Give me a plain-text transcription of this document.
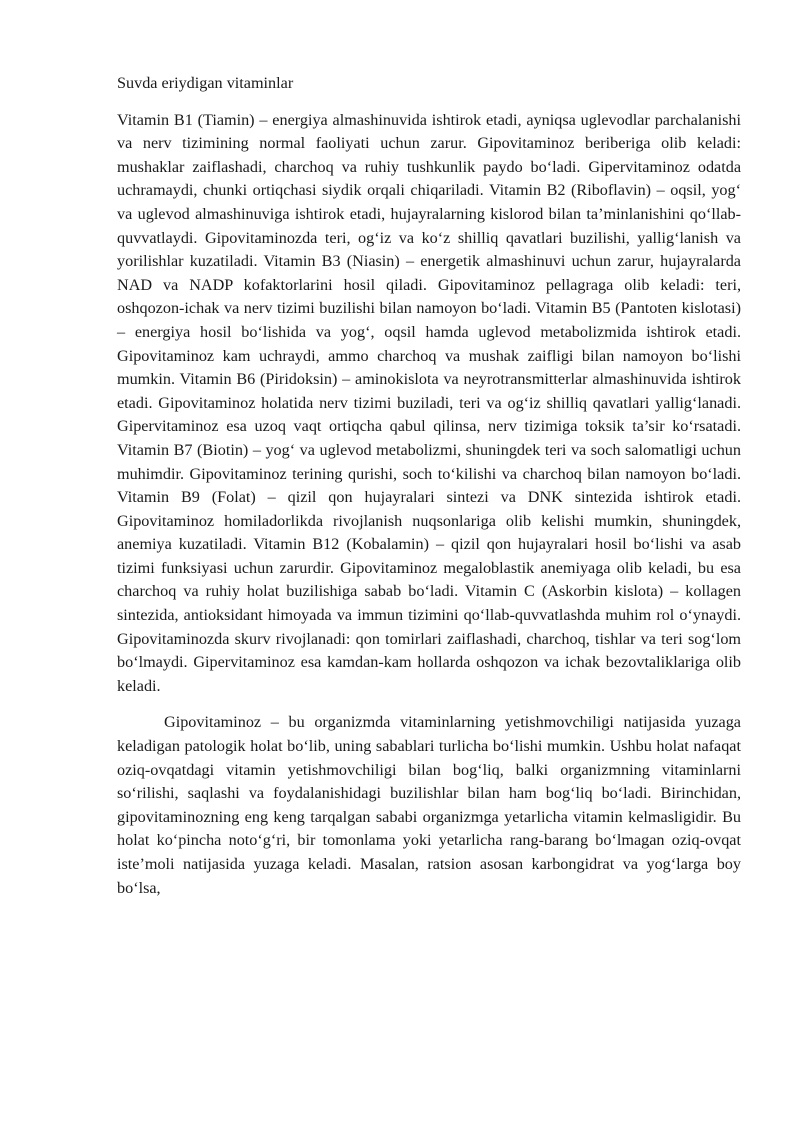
Suvda eriydigan vitaminlar

Vitamin B1 (Tiamin) – energiya almashinuvida ishtirok etadi, ayniqsa uglevodlar parchalanishi va nerv tizimining normal faoliyati uchun zarur. Gipovitaminoz beriberiga olib keladi: mushaklar zaiflashadi, charchoq va ruhiy tushkunlik paydo bo‘ladi. Gipervitaminoz odatda uchramaydi, chunki ortiqchasi siydik orqali chiqariladi. Vitamin B2 (Riboflavin) – oqsil, yog‘ va uglevod almashinuviga ishtirok etadi, hujayralarning kislorod bilan ta’minlanishini qo‘llab-quvvatlaydi. Gipovitaminozda teri, og‘iz va ko‘z shilliq qavatlari buzilishi, yallig‘lanish va yorilishlar kuzatiladi. Vitamin B3 (Niasin) – energetik almashinuvi uchun zarur, hujayralarda NAD va NADP kofaktorlarini hosil qiladi. Gipovitaminoz pellagraga olib keladi: teri, oshqozon-ichak va nerv tizimi buzilishi bilan namoyon bo‘ladi. Vitamin B5 (Pantoten kislotasi) – energiya hosil bo‘lishida va yog‘, oqsil hamda uglevod metabolizmida ishtirok etadi. Gipovitaminoz kam uchraydi, ammo charchoq va mushak zaifligi bilan namoyon bo‘lishi mumkin. Vitamin B6 (Piridoksin) – aminokislota va neyrotransmitterlar almashinuvida ishtirok etadi. Gipovitaminoz holatida nerv tizimi buziladi, teri va og‘iz shilliq qavatlari yallig‘lanadi. Gipervitaminoz esa uzoq vaqt ortiqcha qabul qilinsa, nerv tizimiga toksik ta’sir ko‘rsatadi. Vitamin B7 (Biotin) – yog‘ va uglevod metabolizmi, shuningdek teri va soch salomatligi uchun muhimdir. Gipovitaminoz terining qurishi, soch to‘kilishi va charchoq bilan namoyon bo‘ladi. Vitamin B9 (Folat) – qizil qon hujayralari sintezi va DNK sintezida ishtirok etadi. Gipovitaminoz homiladorlikda rivojlanish nuqsonlariga olib kelishi mumkin, shuningdek, anemiya kuzatiladi. Vitamin B12 (Kobalamin) – qizil qon hujayralari hosil bo‘lishi va asab tizimi funksiyasi uchun zarurdir. Gipovitaminoz megaloblastik anemiyaga olib keladi, bu esa charchoq va ruhiy holat buzilishiga sabab bo‘ladi. Vitamin C (Askorbin kislota) – kollagen sintezida, antioksidant himoyada va immun tizimini qo‘llab-quvvatlashda muhim rol o‘ynaydi. Gipovitaminozda skurv rivojlanadi: qon tomirlari zaiflashadi, charchoq, tishlar va teri sog‘lom bo‘lmaydi. Gipervitaminoz esa kamdan-kam hollarda oshqozon va ichak bezovtaliklariga olib keladi.

Gipovitaminoz – bu organizmda vitaminlarning yetishmovchiligi natijasida yuzaga keladigan patologik holat bo‘lib, uning sabablari turlicha bo‘lishi mumkin. Ushbu holat nafaqat oziq-ovqatdagi vitamin yetishmovchiligi bilan bog‘liq, balki organizmning vitaminlarni so‘rilishi, saqlashi va foydalanishidagi buzilishlar bilan ham bog‘liq bo‘ladi. Birinchidan, gipovitaminozning eng keng tarqalgan sababi organizmga yetarlicha vitamin kelmasligidir. Bu holat ko‘pincha noto‘g‘ri, bir tomonlama yoki yetarlicha rang-barang bo‘lmagan oziq-ovqat iste’moli natijasida yuzaga keladi. Masalan, ratsion asosan karbongidrat va yog‘larga boy bo‘lsa,
